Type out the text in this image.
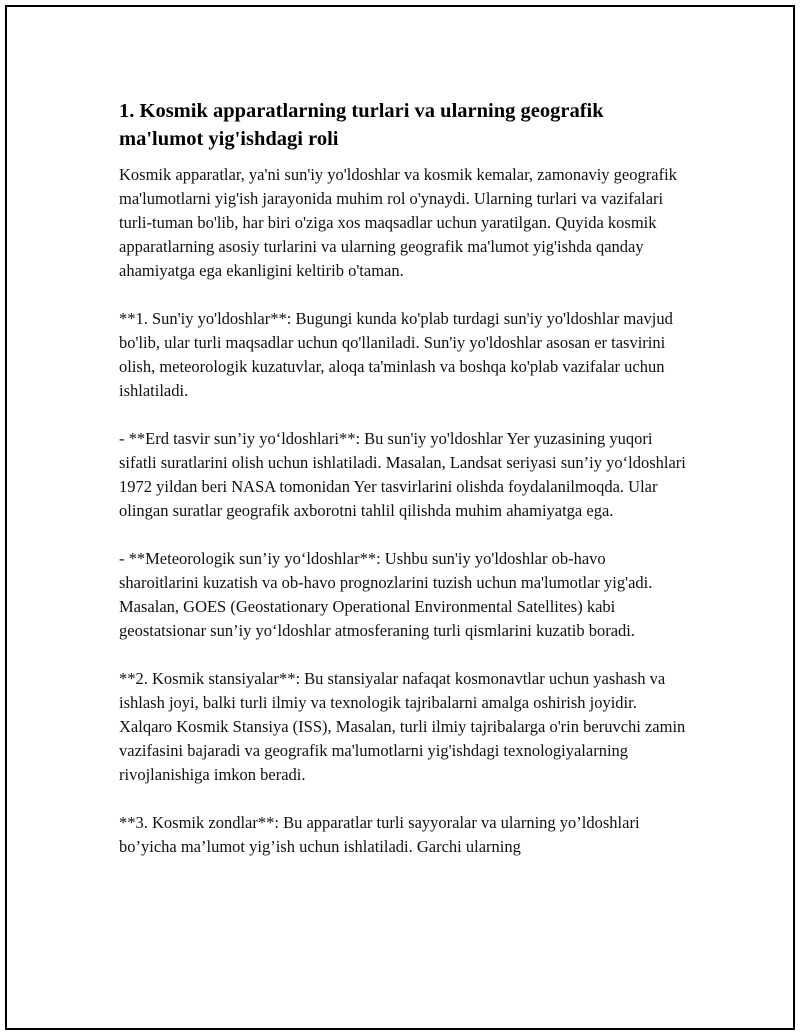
1. Kosmik apparatlarning turlari va ularning geografik ma'lumot yig'ishdagi roli

Kosmik apparatlar, ya'ni sun'iy yo'ldoshlar va kosmik kemalar, zamonaviy geografik ma'lumotlarni yig'ish jarayonida muhim rol o'ynaydi. Ularning turlari va vazifalari turli-tuman bo'lib, har biri o'ziga xos maqsadlar uchun yaratilgan. Quyida kosmik apparatlarning asosiy turlarini va ularning geografik ma'lumot yig'ishda qanday ahamiyatga ega ekanligini keltirib o'taman.

**1. Sun'iy yo'ldoshlar**: Bugungi kunda ko'plab turdagi sun'iy yo'ldoshlar mavjud bo'lib, ular turli maqsadlar uchun qo'llaniladi. Sun'iy yo'ldoshlar asosan er tasvirini olish, meteorologik kuzatuvlar, aloqa ta'minlash va boshqa ko'plab vazifalar uchun ishlatiladi.

- **Erd tasvir sun’iy yo‘ldoshlari**: Bu sun'iy yo'ldoshlar Yer yuzasining yuqori sifatli suratlarini olish uchun ishlatiladi. Masalan, Landsat seriyasi sun’iy yo‘ldoshlari 1972 yildan beri NASA tomonidan Yer tasvirlarini olishda foydalanilmoqda. Ular olingan suratlar geografik axborotni tahlil qilishda muhim ahamiyatga ega.

- **Meteorologik sun’iy yo‘ldoshlar**: Ushbu sun'iy yo'ldoshlar ob-havo sharoitlarini kuzatish va ob-havo prognozlarini tuzish uchun ma'lumotlar yig'adi. Masalan, GOES (Geostationary Operational Environmental Satellites) kabi geostatsionar sun’iy yo‘ldoshlar atmosferaning turli qismlarini kuzatib boradi.

**2. Kosmik stansiyalar**: Bu stansiyalar nafaqat kosmonavtlar uchun yashash va ishlash joyi, balki turli ilmiy va texnologik tajribalarni amalga oshirish joyidir. Xalqaro Kosmik Stansiya (ISS), Masalan, turli ilmiy tajribalarga o'rin beruvchi zamin vazifasini bajaradi va geografik ma'lumotlarni yig'ishdagi texnologiyalarning rivojlanishiga imkon beradi.

**3. Kosmik zondlar**: Bu apparatlar turli sayyoralar va ularning yo’ldoshlari bo’yicha ma’lumot yig’ish uchun ishlatiladi. Garchi ularning
